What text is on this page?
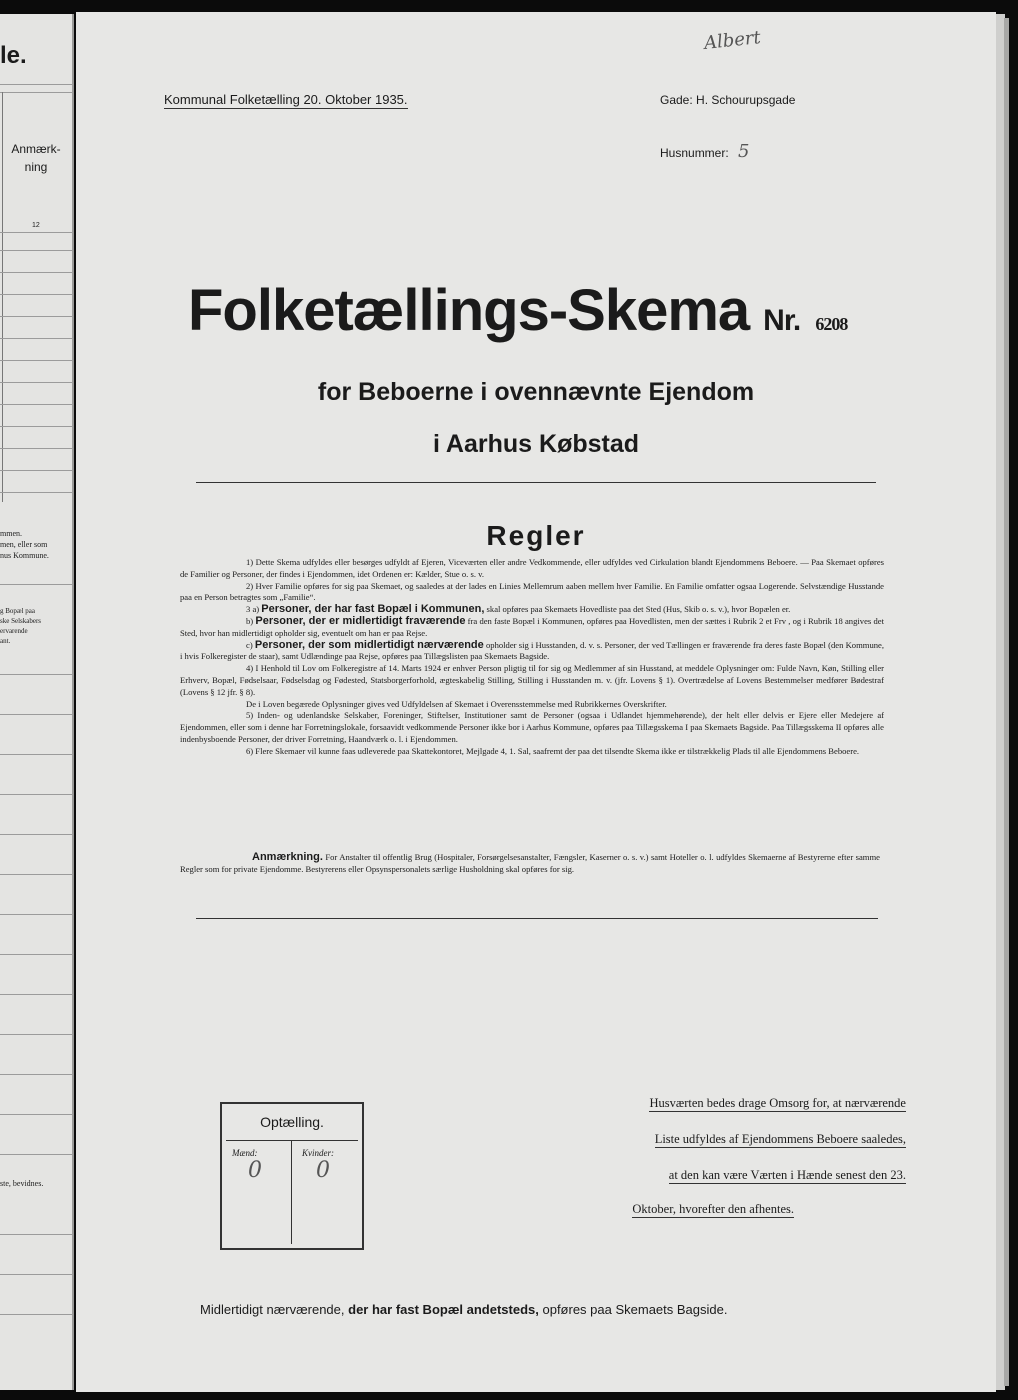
le.
Anmærk-
ning
12
mmen.
men, eller som
nus Kommune.
g Bopæl paa
ske Selskabers
ervarende
ant.
ste, bevidnes.
Albert
Kommunal Folketælling 20. Oktober 1935.	Gade: H. Schourupsgade
Husnummer: 5
Folketællings-Skema Nr. 6208
for Beboerne i ovennævnte Ejendom
i Aarhus Købstad
Regler

1) Dette Skema udfyldes eller besørges udfyldt af Ejeren, Viceværten eller andre Vedkommende, eller udfyldes ved Cirkulation blandt Ejendommens Beboere. — Paa Skemaet opføres de Familier og Personer, der findes i Ejendommen, idet Ordenen er: Kælder, Stue o. s. v.

2) Hver Familie opføres for sig paa Skemaet, og saaledes at der lades en Linies Mellemrum aaben mellem hver Familie. En Familie omfatter ogsaa Logerende. Selvstændige Husstande paa en Person betragtes som „Familie“.

3 a) Personer, der har fast Bopæl i Kommunen, skal opføres paa Skemaets Hovedliste paa det Sted (Hus, Skib o. s. v.), hvor Bopælen er.

b) Personer, der er midlertidigt fraværende fra den faste Bopæl i Kommunen, opføres paa Hovedlisten, men der sættes i Rubrik 2 et Frv , og i Rubrik 18 angives det Sted, hvor han midlertidigt opholder sig, eventuelt om han er paa Rejse.

c) Personer, der som midlertidigt nærværende opholder sig i Husstanden, d. v. s. Personer, der ved Tællingen er fraværende fra deres faste Bopæl (den Kommune, i hvis Folkeregister de staar), samt Udlændinge paa Rejse, opføres paa Tillægslisten paa Skemaets Bagside.

4) I Henhold til Lov om Folkeregistre af 14. Marts 1924 er enhver Person pligtig til for sig og Medlemmer af sin Husstand, at meddele Oplysninger om: Fulde Navn, Køn, Stilling eller Erhverv, Bopæl, Fødselsaar, Fødselsdag og Fødested, Statsborgerforhold, ægteskabelig Stilling, Stilling i Husstanden m. v. (jfr. Lovens § 1). Overtrædelse af Lovens Bestemmelser medfører Bødestraf (Lovens § 12 jfr. § 8).

De i Loven begærede Oplysninger gives ved Udfyldelsen af Skemaet i Overensstemmelse med Rubrikkernes Overskrifter.

5) Inden- og udenlandske Selskaber, Foreninger, Stiftelser, Institutioner samt de Personer (ogsaa i Udlandet hjemmehørende), der helt eller delvis er Ejere eller Medejere af Ejendommen, eller som i denne har Forretningslokale, forsaavidt vedkommende Personer ikke bor i Aarhus Kommune, opføres paa Tillægsskema I paa Skemaets Bagside. Paa Tillægsskema II opføres alle indenbysboende Personer, der driver Forretning, Haandværk o. l. i Ejendommen.

6) Flere Skemaer vil kunne faas udleverede paa Skattekontoret, Mejlgade 4, 1. Sal, saafremt der paa det tilsendte Skema ikke er tilstrækkelig Plads til alle Ejendommens Beboere.

Anmærkning. For Anstalter til offentlig Brug (Hospitaler, Forsørgelsesanstalter, Fængsler, Kaserner o. s. v.) samt Hoteller o. l. udfyldes Skemaerne af Bestyrerne efter samme Regler som for private Ejendomme. Bestyrerens eller Opsynspersonalets særlige Husholdning skal opføres for sig.
Optælling.
Mænd:	Kvinder:
0 0
Husværten bedes drage Omsorg for, at nærværende
Liste udfyldes af Ejendommens Beboere saaledes,
at den kan være Værten i Hænde senest den 23.
Oktober, hvorefter den afhentes.
Midlertidigt nærværende, der har fast Bopæl andetsteds, opføres paa Skemaets Bagside.
